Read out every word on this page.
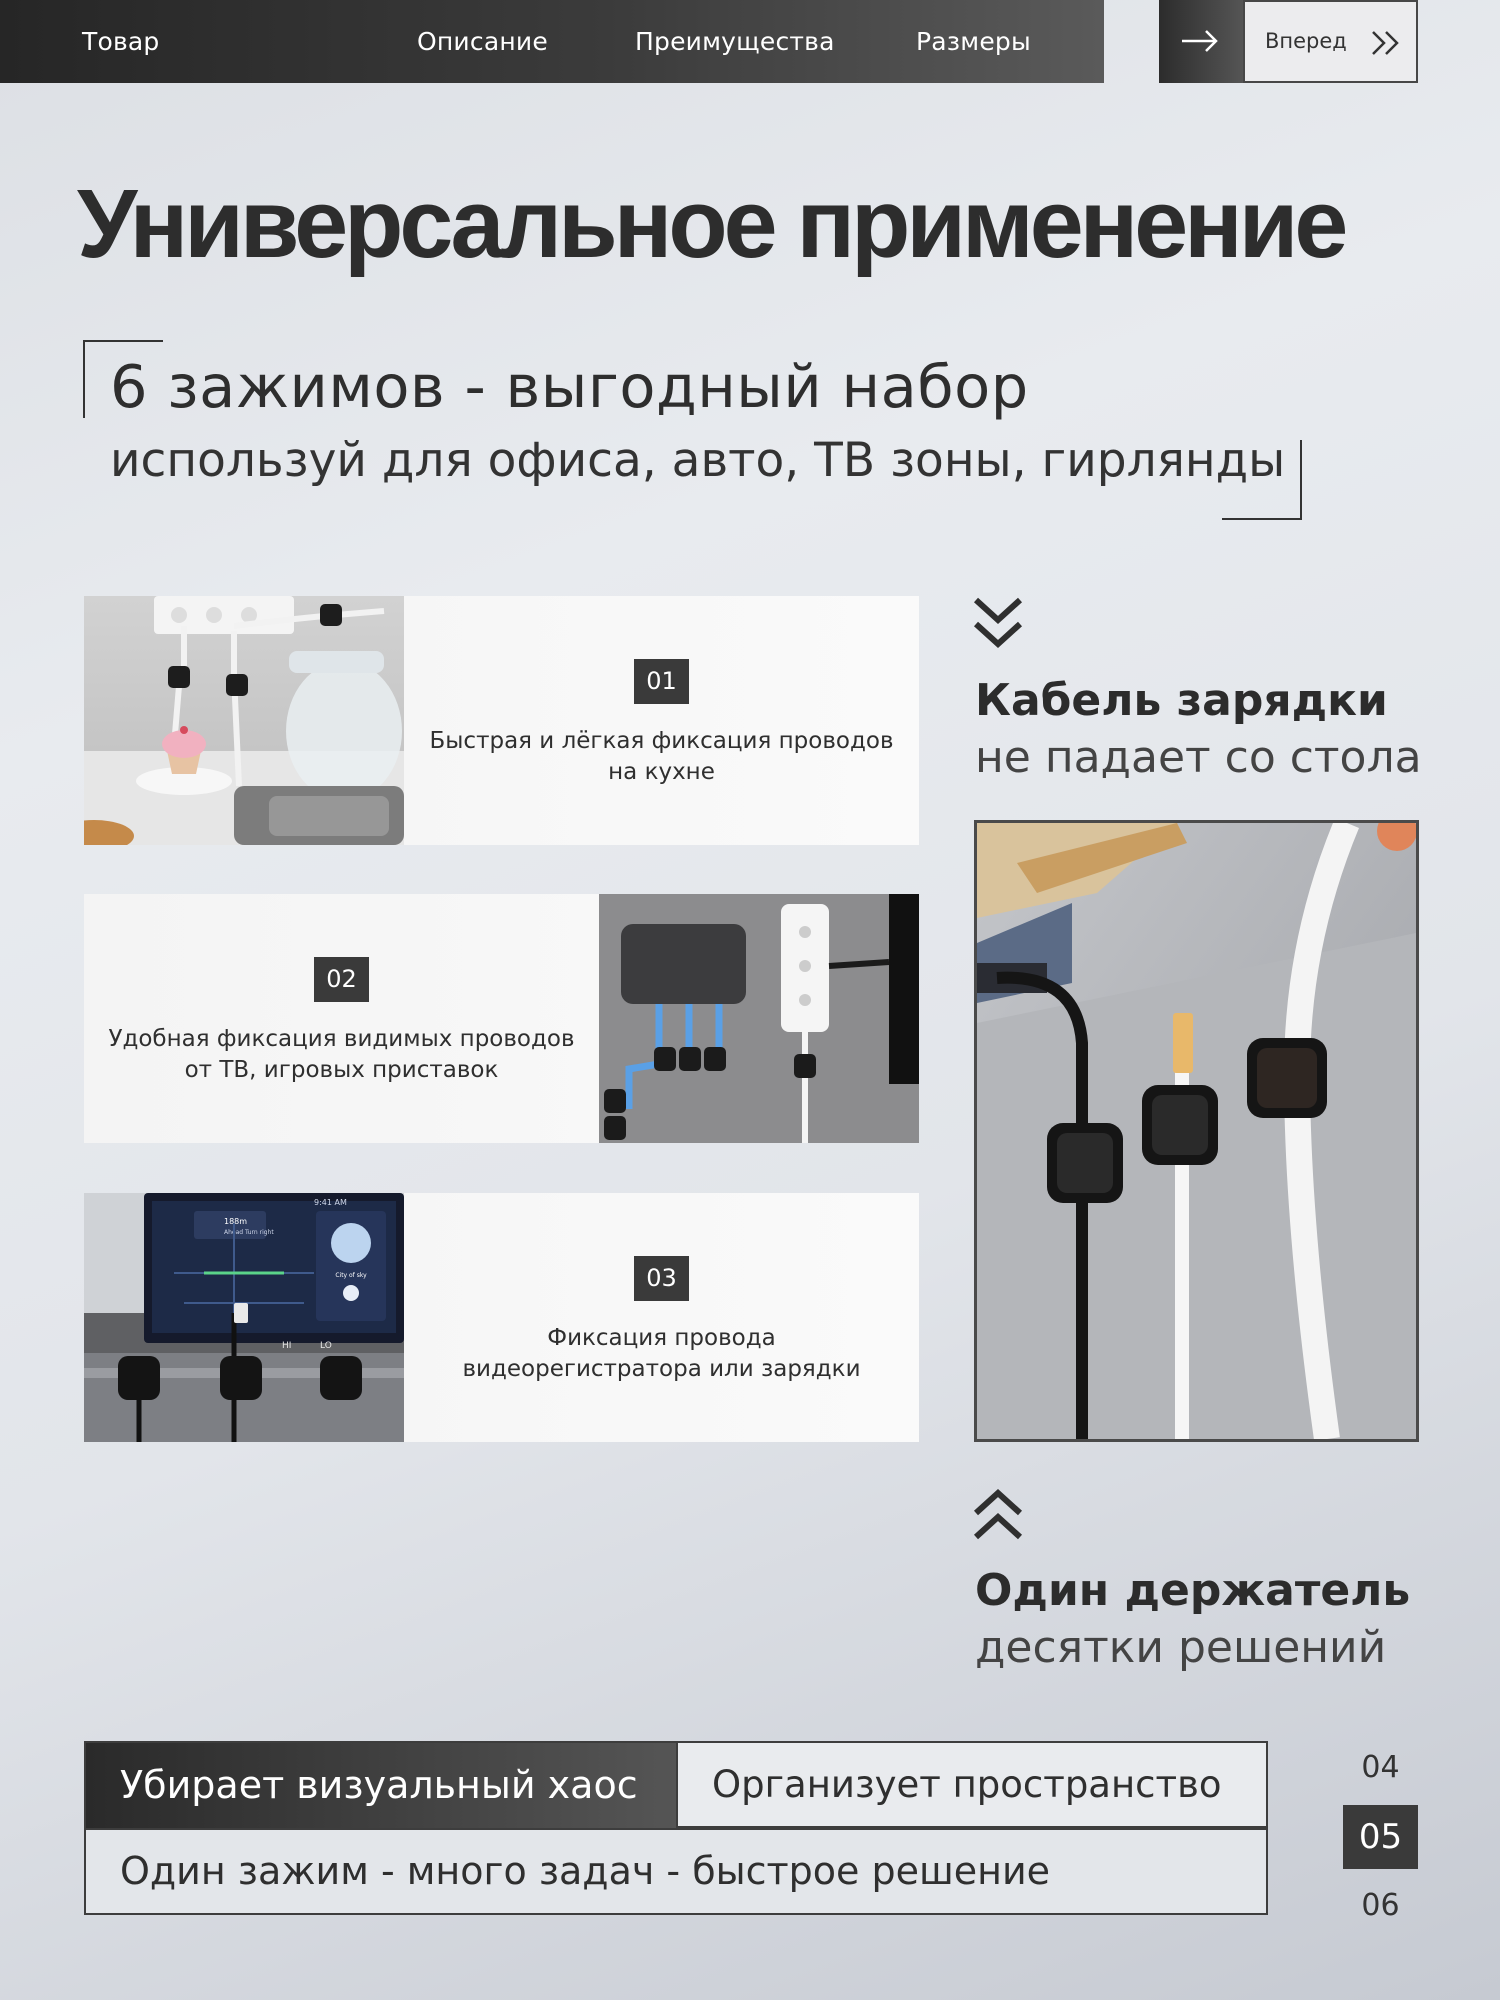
Товар	Описание	Преимущества	Размеры	Вперед
Универсальное применение
6 зажимов - выгодный набор
используй для офиса, авто, ТВ зоны, гирлянды
01
Быстрая и лёгкая фиксация проводов на кухне
02
Удобная фиксация видимых проводов от ТВ, игровых приставок
9:41 AM
188m
Ahead Turn right
City of sky
HI	LO
03
Фиксация провода видеорегистратора или зарядки
Кабель зарядки
не падает со стола
Один держатель
десятки решений
Убирает визуальный хаос	Организует пространство
Один зажим - много задач - быстрое решение
04
05
06
